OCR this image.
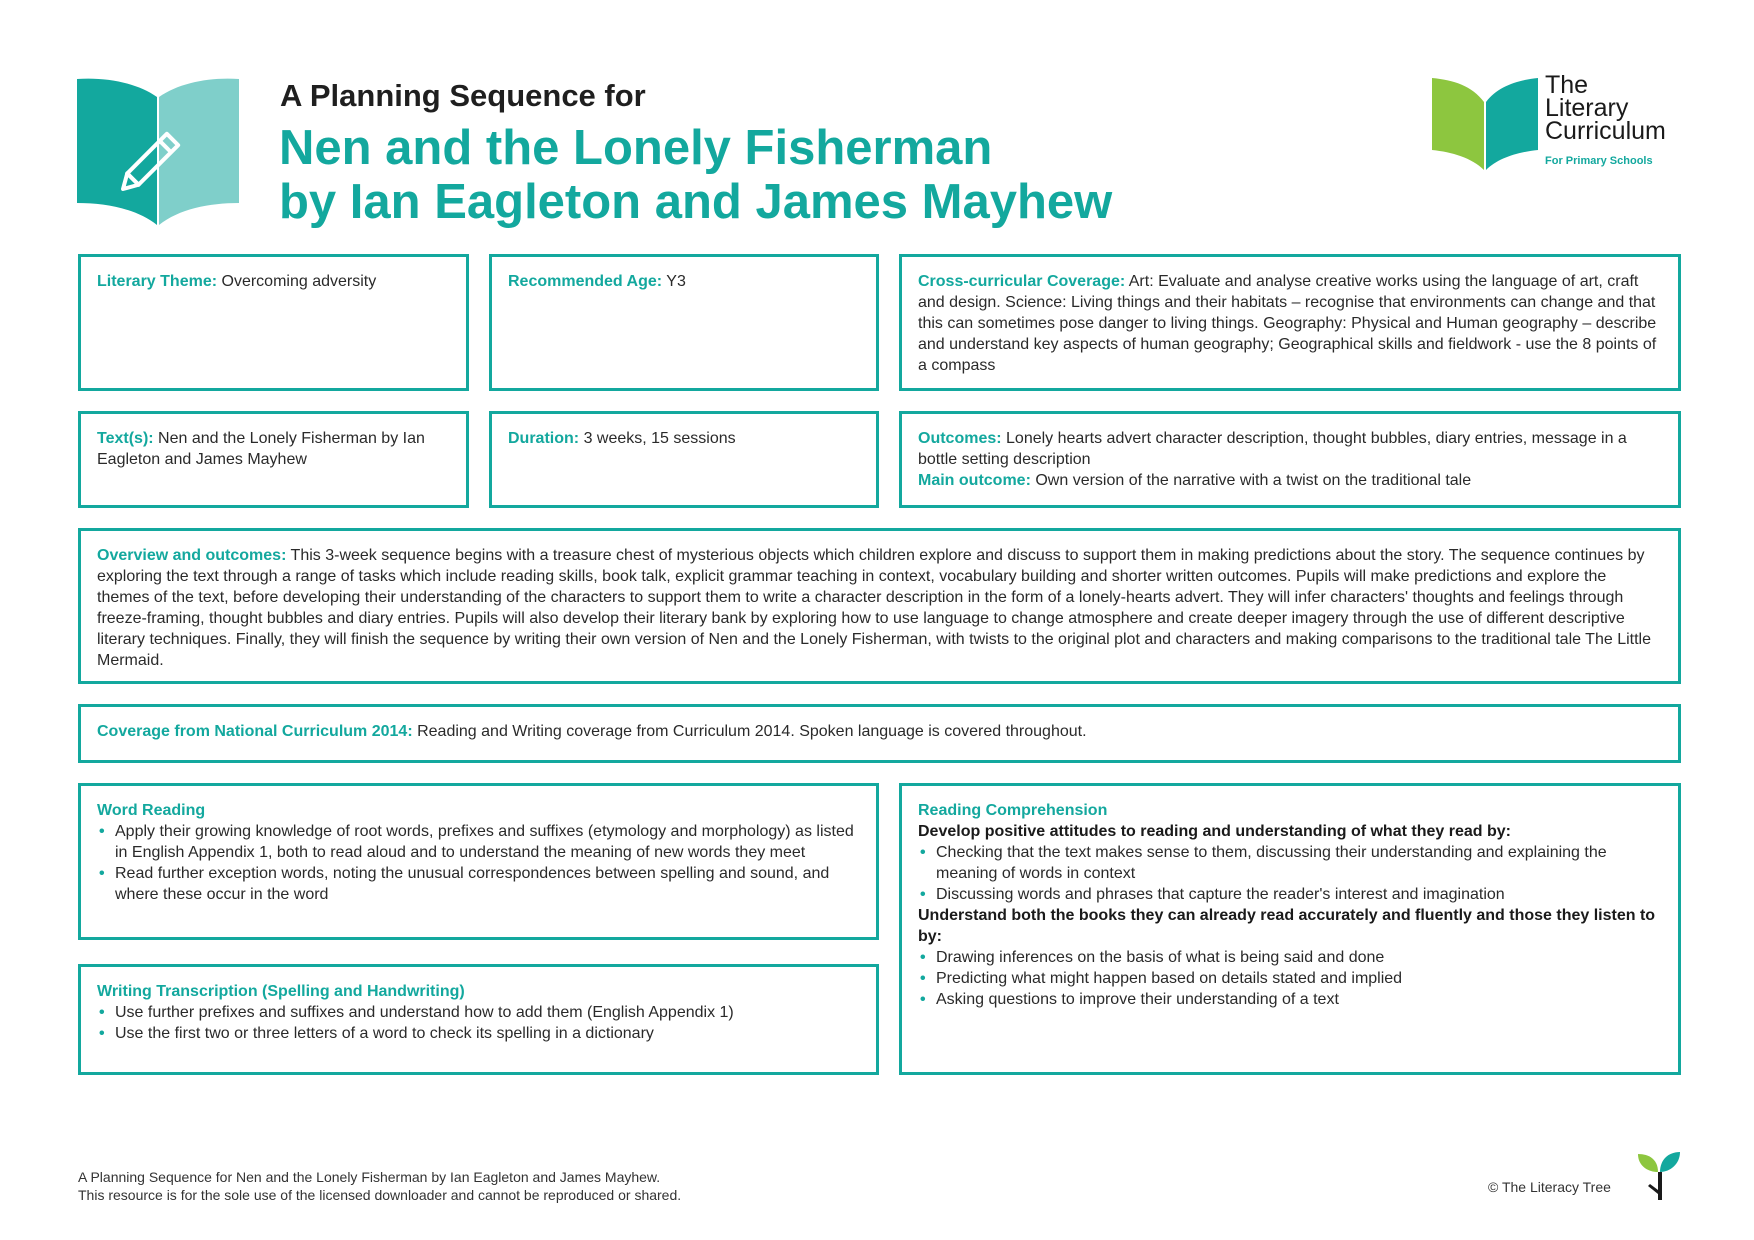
A Planning Sequence for
Nen and the Lonely Fisherman
by Ian Eagleton and James Mayhew
The
Literary
Curriculum
For Primary Schools
Literary Theme: Overcoming adversity	Recommended Age: Y3	Cross-curricular Coverage: Art: Evaluate and analyse creative works using the language of art, craft and design. Science: Living things and their habitats – recognise that environments can change and that this can sometimes pose danger to living things. Geography: Physical and Human geography – describe and understand key aspects of human geography; Geographical skills and fieldwork - use the 8 points of a compass
Text(s): Nen and the Lonely Fisherman by Ian Eagleton and James Mayhew
Duration: 3 weeks, 15 sessions	Outcomes: Lonely hearts advert character description, thought bubbles, diary entries, message in a bottle setting description
Main outcome: Own version of the narrative with a twist on the traditional tale
Overview and outcomes: This 3-week sequence begins with a treasure chest of mysterious objects which children explore and discuss to support them in making predictions about the story. The sequence continues by exploring the text through a range of tasks which include reading skills, book talk, explicit grammar teaching in context, vocabulary building and shorter written outcomes. Pupils will make predictions and explore the themes of the text, before developing their understanding of the characters to support them to write a character description in the form of a lonely-hearts advert. They will infer characters' thoughts and feelings through freeze-framing, thought bubbles and diary entries. Pupils will also develop their literary bank by exploring how to use language to change atmosphere and create deeper imagery through the use of different descriptive literary techniques. Finally, they will finish the sequence by writing their own version of Nen and the Lonely Fisherman, with twists to the original plot and characters and making comparisons to the traditional tale The Little Mermaid.
Coverage from National Curriculum 2014: Reading and Writing coverage from Curriculum 2014. Spoken language is covered throughout.
Word Reading
• Apply their growing knowledge of root words, prefixes and suffixes (etymology and morphology) as listed in English Appendix 1, both to read aloud and to understand the meaning of new words they meet
• Read further exception words, noting the unusual correspondences between spelling and sound, and where these occur in the word
Writing Transcription (Spelling and Handwriting)
• Use further prefixes and suffixes and understand how to add them (English Appendix 1)
• Use the first two or three letters of a word to check its spelling in a dictionary
Reading Comprehension
Develop positive attitudes to reading and understanding of what they read by:
• Checking that the text makes sense to them, discussing their understanding and explaining the meaning of words in context
• Discussing words and phrases that capture the reader's interest and imagination
Understand both the books they can already read accurately and fluently and those they listen to by:
• Drawing inferences on the basis of what is being said and done
• Predicting what might happen based on details stated and implied
• Asking questions to improve their understanding of a text
A Planning Sequence for Nen and the Lonely Fisherman by Ian Eagleton and James Mayhew.
This resource is for the sole use of the licensed downloader and cannot be reproduced or shared.	© The Literacy Tree
